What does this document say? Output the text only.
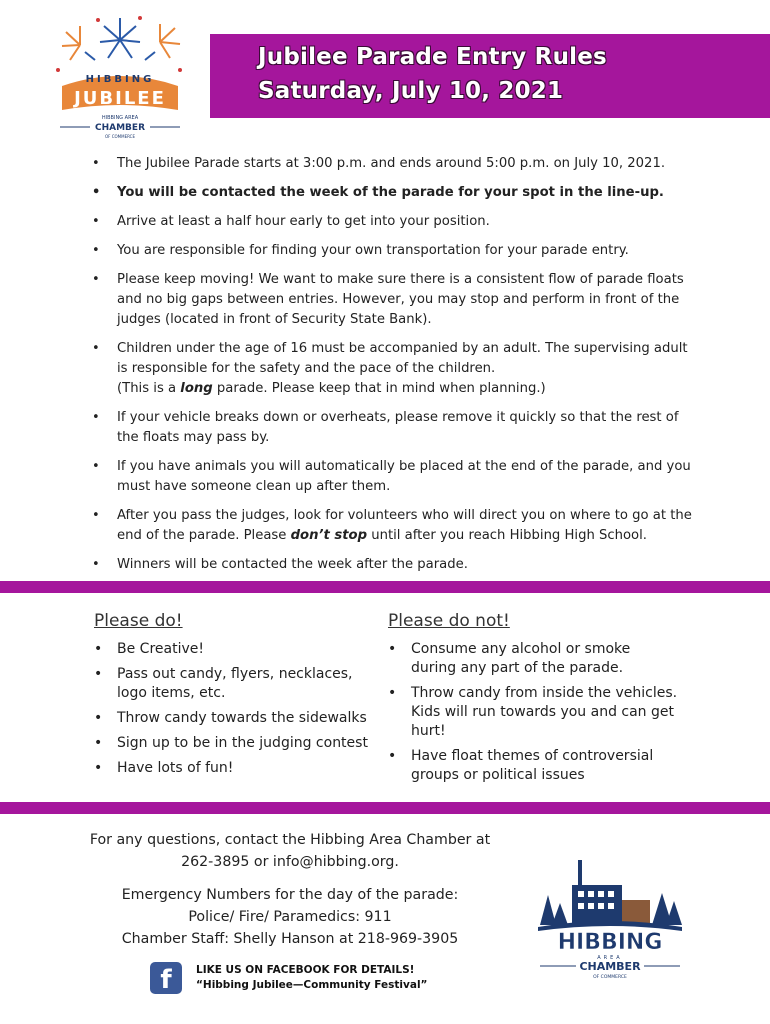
HIBBING
JUBILEE
HIBBING AREA
CHAMBER
OF COMMERCE
Jubilee Parade Entry Rules
Saturday, July 10, 2021
• The Jubilee Parade starts at 3:00 p.m. and ends around 5:00 p.m. on July 10, 2021.
• You will be contacted the week of the parade for your spot in the line-up.
• Arrive at least a half hour early to get into your position.
• You are responsible for finding your own transportation for your parade entry.
• Please keep moving! We want to make sure there is a consistent flow of parade floats and no big gaps between entries. However, you may stop and perform in front of the judges (located in front of Security State Bank).
• Children under the age of 16 must be accompanied by an adult. The supervising adult is responsible for the safety and the pace of the children.
(This is a long parade. Please keep that in mind when planning.)
• If your vehicle breaks down or overheats, please remove it quickly so that the rest of the floats may pass by.
• If you have animals you will automatically be placed at the end of the parade, and you must have someone clean up after them.
• After you pass the judges, look for volunteers who will direct you on where to go at the end of the parade. Please don’t stop until after you reach Hibbing High School.
• Winners will be contacted the week after the parade.
Please do!
• Be Creative!
• Pass out candy, flyers, necklaces, logo items, etc.
• Throw candy towards the sidewalks
• Sign up to be in the judging contest
• Have lots of fun!
Please do not!
• Consume any alcohol or smoke during any part of the parade.
• Throw candy from inside the vehicles. Kids will run towards you and can get hurt!
• Have float themes of controversial groups or political issues
For any questions, contact the Hibbing Area Chamber at
262-3895 or info@hibbing.org.
Emergency Numbers for the day of the parade:
Police/ Fire/ Paramedics: 911
Chamber Staff: Shelly Hanson at 218-969-3905
f	LIKE US ON FACEBOOK FOR DETAILS!
“Hibbing Jubilee—Community Festival”
HIBBING
AREA
CHAMBER
OF COMMERCE
